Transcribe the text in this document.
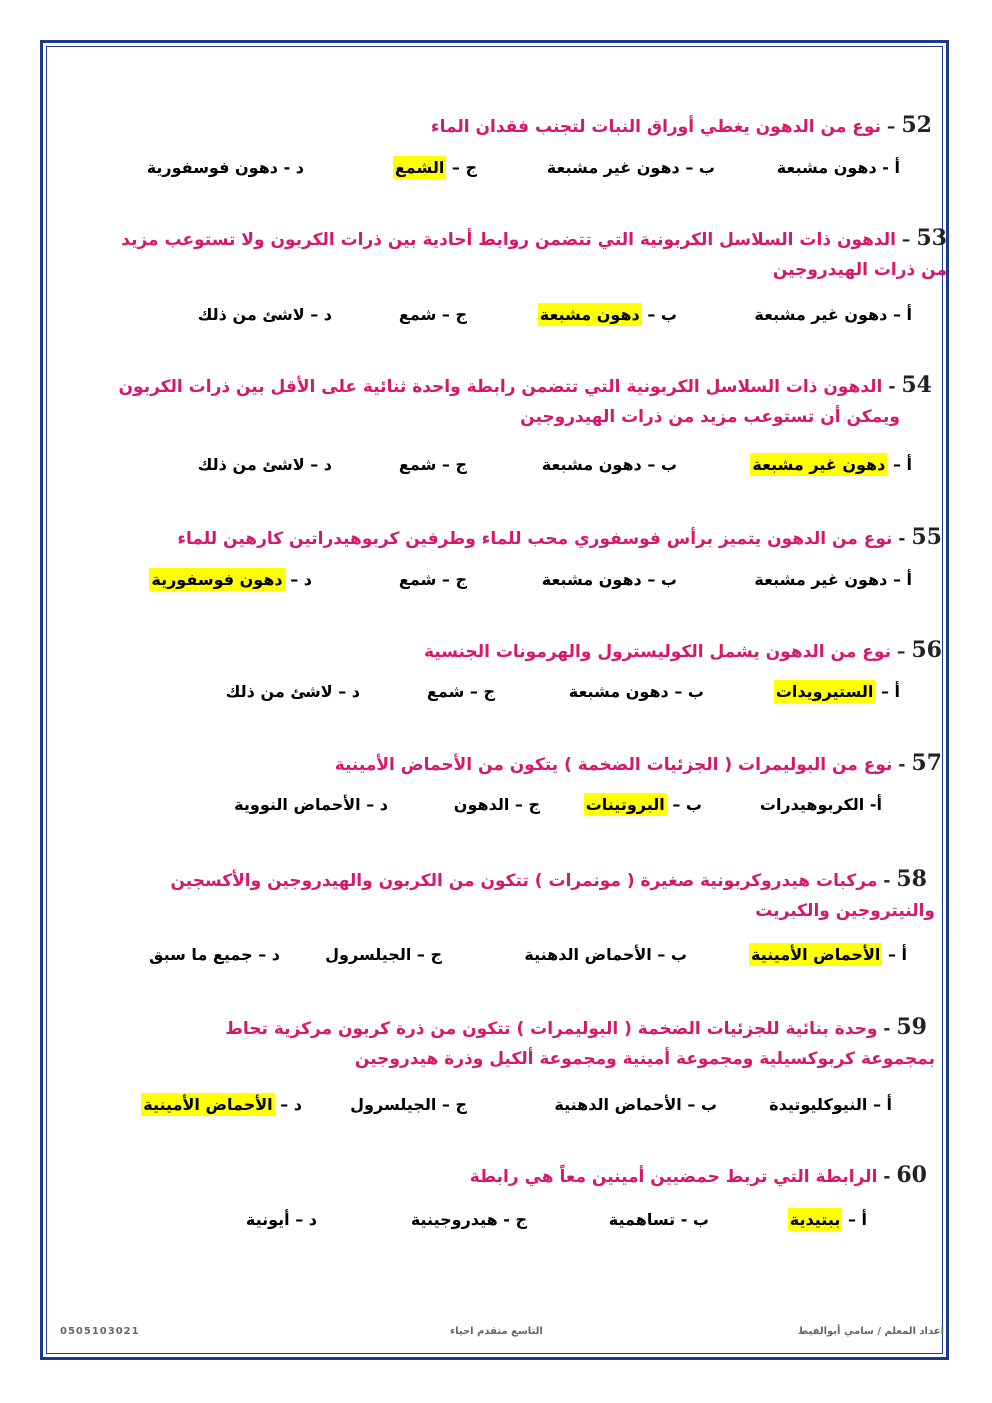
52– نوع من الدهون يغطي أوراق النبات لتجنب فقدان الماء
أ - دهون مشبعة
ب – دهون غير مشبعة
ج – الشمع
د - دهون فوسفورية
53– الدهون ذات السلاسل الكربونية التي تتضمن روابط أحادية بين ذرات الكربون ولا تستوعب مزيد
من ذرات الهيدروجين
أ – دهون غير مشبعة
ب – دهون مشبعة
ج – شمع
د – لاشئ من ذلك
54- الدهون ذات السلاسل الكربونية التي تتضمن رابطة واحدة ثنائية على الأقل بين ذرات الكربون
ويمكن أن تستوعب مزيد من ذرات الهيدروجين
أ – دهون غير مشبعة
ب – دهون مشبعة
ج – شمع
د – لاشئ من ذلك
55- نوع من الدهون يتميز برأس فوسفوري محب للماء وطرفين كربوهيدراتين كارهين للماء
أ – دهون غير مشبعة
ب – دهون مشبعة
ج – شمع
د – دهون فوسفورية
56– نوع من الدهون يشمل الكوليسترول والهرمونات الجنسية
أ – الستيرويدات
ب – دهون مشبعة
ج – شمع
د – لاشئ من ذلك
57- نوع من البوليمرات ( الجزئيات الضخمة ) يتكون من الأحماض الأمينية
أ- الكربوهيدرات
ب – البروتينات
ج – الدهون
د – الأحماض النووية
58- مركبات هيدروكربونية صغيرة ( مونمرات ) تتكون من الكربون والهيدروجين والأكسجين
والنيتروجين والكبريت
أ – الأحماض الأمينية
ب – الأحماض الدهنية
ج – الجيلسرول
د – جميع ما سبق
59- وحدة بنائية للجزئيات الضخمة ( البوليمرات ) تتكون من ذرة كربون مركزية تحاط
بمجموعة كربوكسيلية ومجموعة أمينية ومجموعة ألكيل وذرة هيدروجين
أ – النيوكليوتيدة
ب – الأحماض الدهنية
ج – الجيلسرول
د – الأحماض الأمينية
60- الرابطة التي تربط حمضيين أمينين معاً هي رابطة
أ – ببتيدية
ب - تساهمية
ج - هيدروجينية
د – أيونية
اعداد المعلم / سامي أبوالفيط
التاسع متقدم احياء
0505103021
